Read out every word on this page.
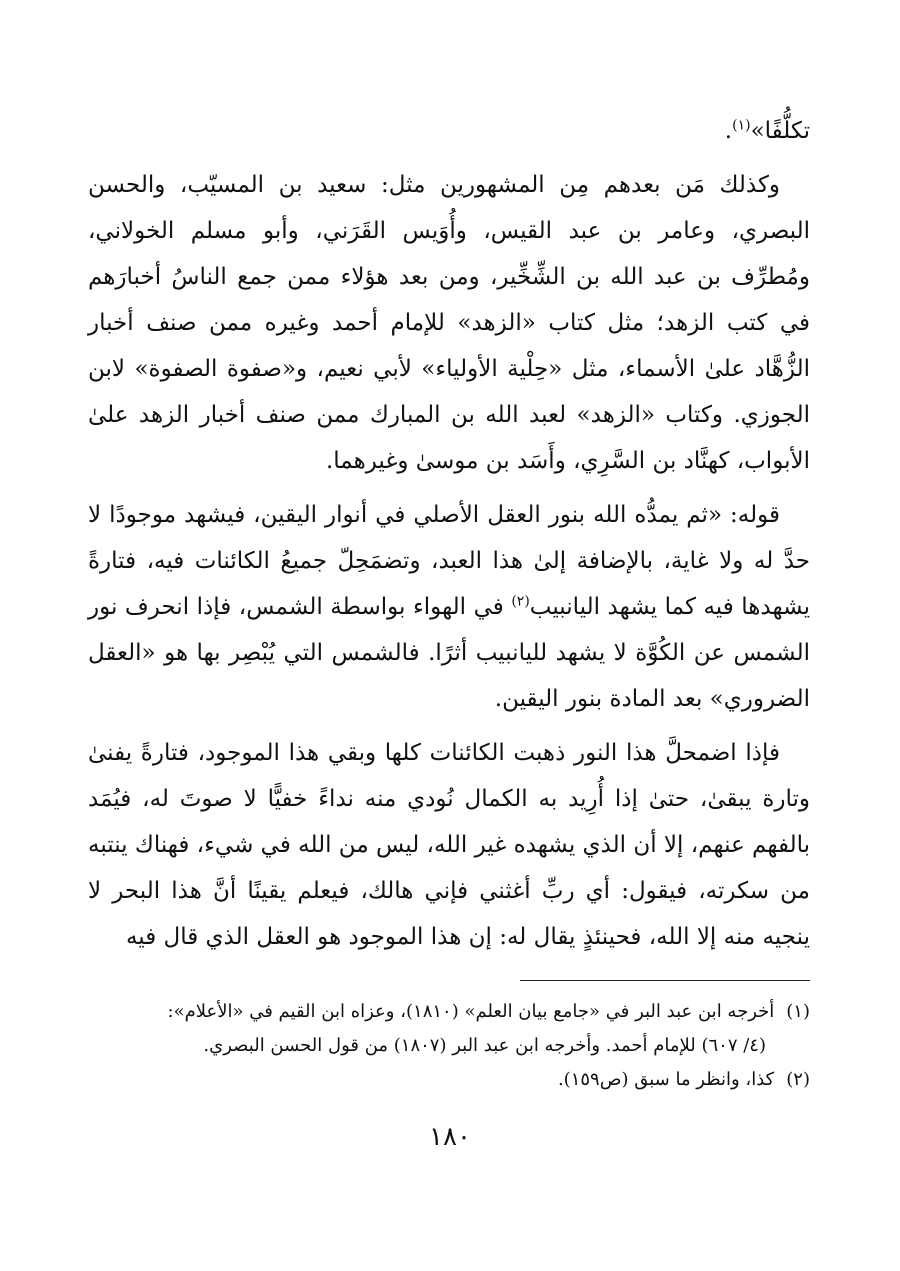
تكلُّفًا»$^{(١)}$.

وكذلك مَن بعدهم مِن المشهورين مثل: سعيد بن المسيّب، والحسن البصري، وعامر بن عبد القيس، وأُوَيس القَرَني، وأبو مسلم الخولاني، ومُطرِّف بن عبد الله بن الشِّخِّير، ومن بعد هؤلاء ممن جمع الناسُ أخبارَهم في كتب الزهد؛ مثل كتاب «الزهد» للإمام أحمد وغيره ممن صنف أخبار الزُّهَّاد علىٰ الأسماء، مثل «حِلْية الأولياء» لأبي نعيم، و«صفوة الصفوة» لابن الجوزي. وكتاب «الزهد» لعبد الله بن المبارك ممن صنف أخبار الزهد علىٰ الأبواب، كهنَّاد بن السَّرِي، وأَسَد بن موسىٰ وغيرهما.

قوله: «ثم يمدُّه الله بنور العقل الأصلي في أنوار اليقين، فيشهد موجودًا لا حدَّ له ولا غاية، بالإضافة إلىٰ هذا العبد، وتضمَحِلّ جميعُ الكائنات فيه، فتارةً يشهدها فيه كما يشهد اليانبيب$^{(٢)}$ في الهواء بواسطة الشمس، فإذا انحرف نور الشمس عن الكُوَّة لا يشهد لليانبيب أثرًا. فالشمس التي يُبْصِر بها هو «العقل الضروري» بعد المادة بنور اليقين.

فإذا اضمحلَّ هذا النور ذهبت الكائنات كلها وبقي هذا الموجود، فتارةً يفنىٰ وتارة يبقىٰ، حتىٰ إذا أُرِيد به الكمال نُودي منه نداءً خفيًّا لا صوتَ له، فيُمَد بالفهم عنهم، إلا أن الذي يشهده غير الله، ليس من الله في شيء، فهناك ينتبه من سكرته، فيقول: أي ربِّ أغثني فإني هالك، فيعلم يقينًا أنَّ هذا البحر لا ينجيه منه إلا الله، فحينئذٍ يقال له: إن هذا الموجود هو العقل الذي قال فيه

(١)
أخرجه ابن عبد البر في «جامع بيان العلم» (١٨١٠)، وعزاه ابن القيم في «الأعلام»:
(٤/ ٦٠٧) للإمام أحمد. وأخرجه ابن عبد البر (١٨٠٧) من قول الحسن البصري.
(٢)
كذا، وانظر ما سبق (ص١٥٩).
١٨٠
